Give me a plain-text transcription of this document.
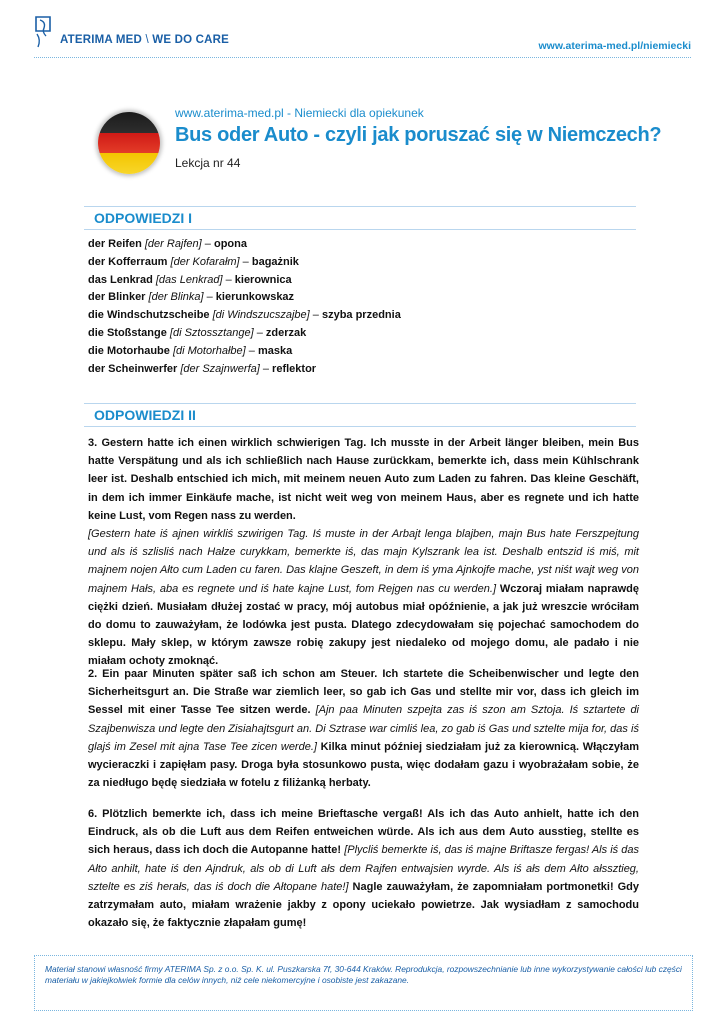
ATERIMA MED \ WE DO CARE	www.aterima-med.pl/niemiecki
www.aterima-med.pl - Niemiecki dla opiekunek
Bus oder Auto - czyli jak poruszać się w Niemczech?
Lekcja nr 44
ODPOWIEDZI I
der Reifen [der Rajfen] – opona
der Kofferraum [der Kofarałm] – bagażnik
das Lenkrad [das Lenkrad] – kierownica
der Blinker [der Blinka] – kierunkowskaz
die Windschutzscheibe [di Windszucszajbe] – szyba przednia
die Stoßstange [di Sztossztange] – zderzak
die Motorhaube [di Motorhałbe] – maska
der Scheinwerfer [der Szajnwerfa] – reflektor
ODPOWIEDZI II
3. Gestern hatte ich einen wirklich schwierigen Tag. Ich musste in der Arbeit länger bleiben, mein Bus hatte Verspätung und als ich schließlich nach Hause zurückkam, bemerkte ich, dass mein Kühlschrank leer ist. Deshalb entschied ich mich, mit meinem neuen Auto zum Laden zu fahren. Das kleine Geschäft, in dem ich immer Einkäufe mache, ist nicht weit weg von meinem Haus, aber es regnete und ich hatte keine Lust, vom Regen nass zu werden.
[Gestern hate iś ajnen wirkliś szwirigen Tag. Iś muste in der Arbajt lenga blajben, majn Bus hate Ferszpejtung und als iś szlisliś nach Hałze curykkam, bemerkte iś, das majn Kylszrank lea ist. Deshalb entszid iś miś, mit majnem nojen Ałto cum Laden cu faren. Das klajne Geszeft, in dem iś yma Ajnkojfe mache, yst niśt wajt weg von majnem Hałs, aba es regnete und iś hate kajne Lust, fom Rejgen nas cu werden.] Wczoraj miałam naprawdę ciężki dzień. Musiałam dłużej zostać w pracy, mój autobus miał opóźnienie, a jak już wreszcie wróciłam do domu to zauważyłam, że lodówka jest pusta. Dlatego zdecydowałam się pojechać samochodem do sklepu. Mały sklep, w którym zawsze robię zakupy jest niedaleko od mojego domu, ale padało i nie miałam ochoty zmoknąć.
2. Ein paar Minuten später saß ich schon am Steuer. Ich startete die Scheibenwischer und legte den Sicherheitsgurt an. Die Straße war ziemlich leer, so gab ich Gas und stellte mir vor, dass ich gleich im Sessel mit einer Tasse Tee sitzen werde. [Ajn paa Minuten szpejta zas iś szon am Sztoja. Iś sztartete di Szajbenwisza und legte den Zisiahajtsgurt an. Di Sztrase war cimliś lea, zo gab iś Gas und sztelte mija for, das iś glajś im Zesel mit ajna Tase Tee zicen werde.] Kilka minut później siedziałam już za kierownicą. Włączyłam wycieraczki i zapięłam pasy. Droga była stosunkowo pusta, więc dodałam gazu i wyobrażałam sobie, że za niedługo będę siedziała w fotelu z filiżanką herbaty.
6. Plötzlich bemerkte ich, dass ich meine Brieftasche vergaß! Als ich das Auto anhielt, hatte ich den Eindruck, als ob die Luft aus dem Reifen entweichen würde. Als ich aus dem Auto ausstieg, stellte es sich heraus, dass ich doch die Autopanne hatte! [Plycliś bemerkte iś, das iś majne Briftasze fergas! Als iś das Ałto anhilt, hate iś den Ajndruk, als ob di Luft ałs dem Rajfen entwajsien wyrde. Als iś ałs dem Ałto ałssztieg, sztelte es ziś herałs, das iś doch die Ałtopane hate!] Nagle zauważyłam, że zapomniałam portmonetki! Gdy zatrzymałam auto, miałam wrażenie jakby z opony uciekało powietrze. Jak wysiadłam z samochodu okazało się, że faktycznie złapałam gumę!

Materiał stanowi własność firmy ATERIMA Sp. z o.o. Sp. K. ul. Puszkarska 7f, 30-644 Kraków. Reprodukcja, rozpowszechnianie lub inne wykorzystywanie całości lub części materiału w jakiejkolwiek formie dla celów innych, niż cele niekomercyjne i osobiste jest zakazane.
